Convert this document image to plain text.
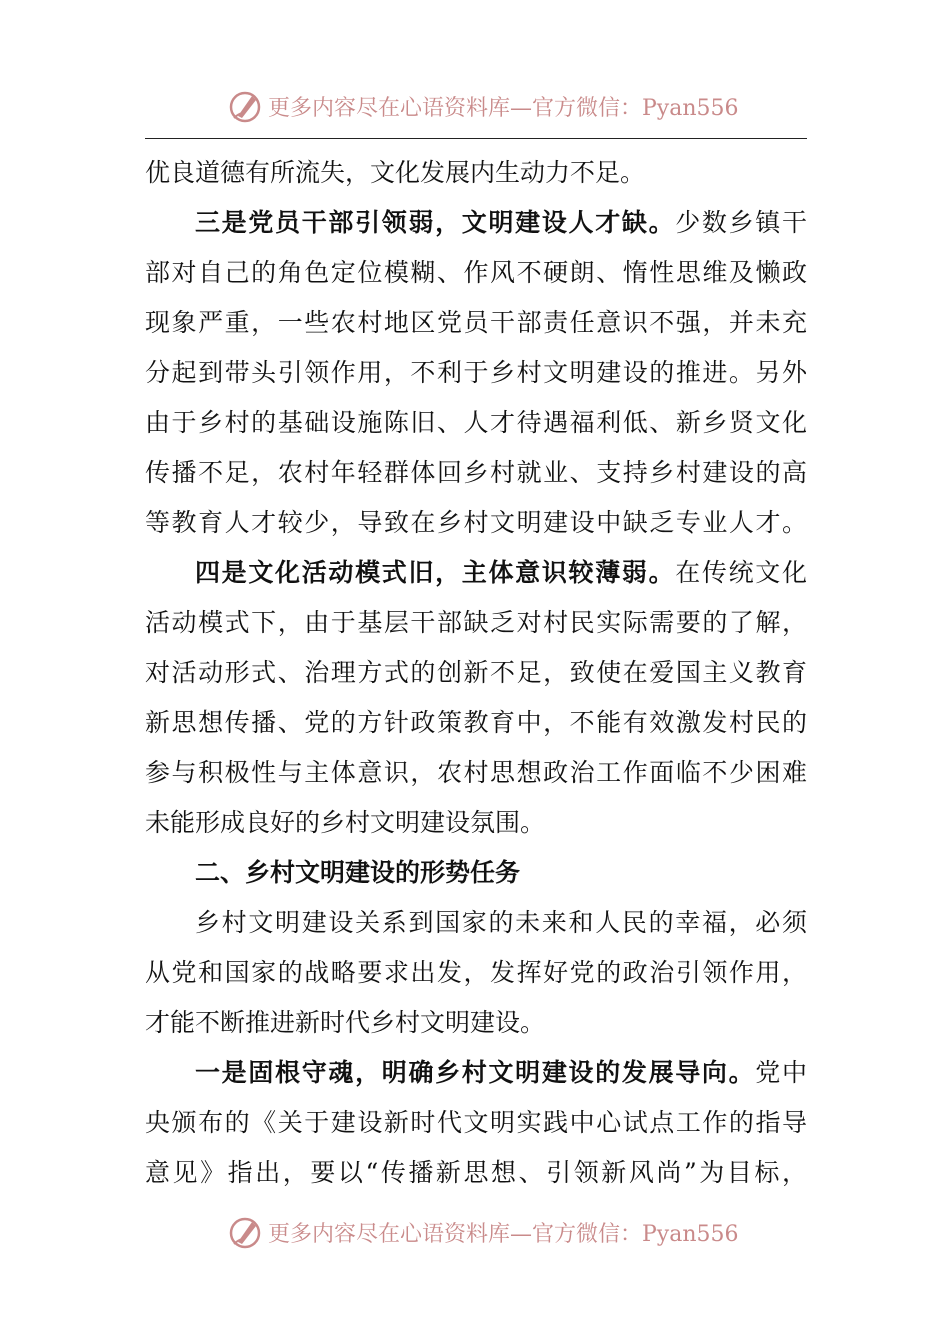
更多内容尽在心语资料库—官方微信：Pyan556
优良道德有所流失，文化发展内生动力不足。
三是党员干部引领弱，文明建设人才缺。少数乡镇干
部对自己的角色定位模糊、作风不硬朗、惰性思维及懒政
现象严重，一些农村地区党员干部责任意识不强，并未充
分起到带头引领作用，不利于乡村文明建设的推进。另外
由于乡村的基础设施陈旧、人才待遇福利低、新乡贤文化
传播不足，农村年轻群体回乡村就业、支持乡村建设的高
等教育人才较少，导致在乡村文明建设中缺乏专业人才。
四是文化活动模式旧，主体意识较薄弱。在传统文化
活动模式下，由于基层干部缺乏对村民实际需要的了解，
对活动形式、治理方式的创新不足，致使在爱国主义教育
新思想传播、党的方针政策教育中，不能有效激发村民的
参与积极性与主体意识，农村思想政治工作面临不少困难
未能形成良好的乡村文明建设氛围。
二、乡村文明建设的形势任务
乡村文明建设关系到国家的未来和人民的幸福，必须
从党和国家的战略要求出发，发挥好党的政治引领作用，
才能不断推进新时代乡村文明建设。
一是固根守魂，明确乡村文明建设的发展导向。党中
央颁布的《关于建设新时代文明实践中心试点工作的指导
意见》指出，要以“传播新思想、引领新风尚”为目标，
更多内容尽在心语资料库—官方微信：Pyan556
